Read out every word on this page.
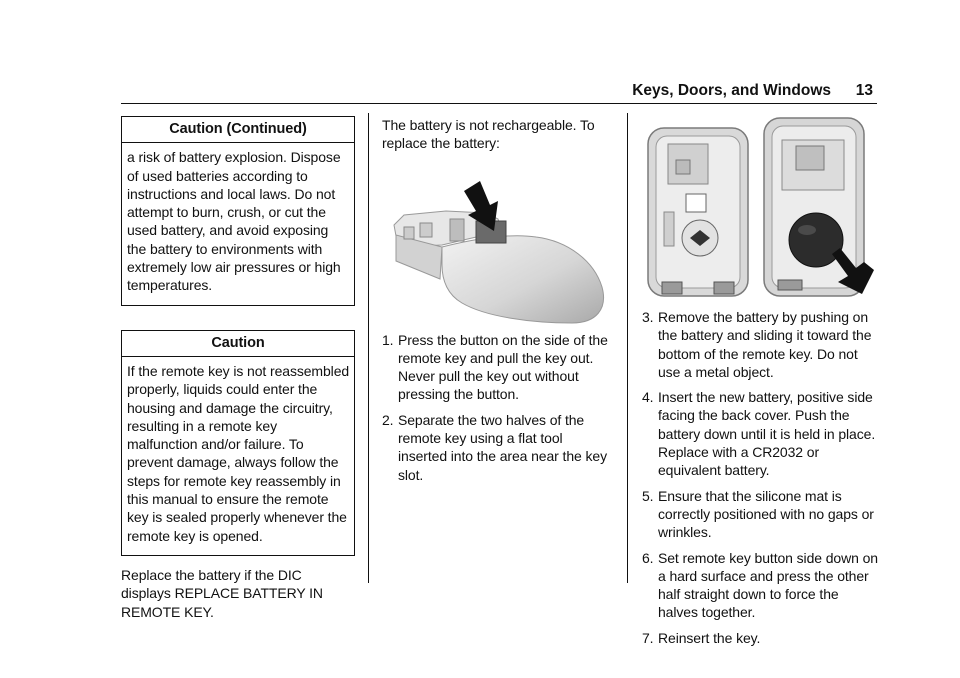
Keys, Doors, and Windows 13
Caution (Continued)

a risk of battery explosion. Dispose of used batteries according to instructions and local laws. Do not attempt to burn, crush, or cut the used battery, and avoid exposing the battery to environments with extremely low air pressures or high temperatures.

Caution

If the remote key is not reassembled properly, liquids could enter the housing and damage the circuitry, resulting in a remote key malfunction and/or failure. To prevent damage, always follow the steps for remote key reassembly in this manual to ensure the remote key is sealed properly whenever the remote key is opened.

Replace the battery if the DIC displays REPLACE BATTERY IN REMOTE KEY.

The battery is not rechargeable. To replace the battery:

1. Press the button on the side of the remote key and pull the key out. Never pull the key out without pressing the button.
2. Separate the two halves of the remote key using a flat tool inserted into the area near the key slot.
3. Remove the battery by pushing on the battery and sliding it toward the bottom of the remote key. Do not use a metal object.
4. Insert the new battery, positive side facing the back cover. Push the battery down until it is held in place. Replace with a CR2032 or equivalent battery.
5. Ensure that the silicone mat is correctly positioned with no gaps or wrinkles.
6. Set remote key button side down on a hard surface and press the other half straight down to force the halves together.
7. Reinsert the key.
